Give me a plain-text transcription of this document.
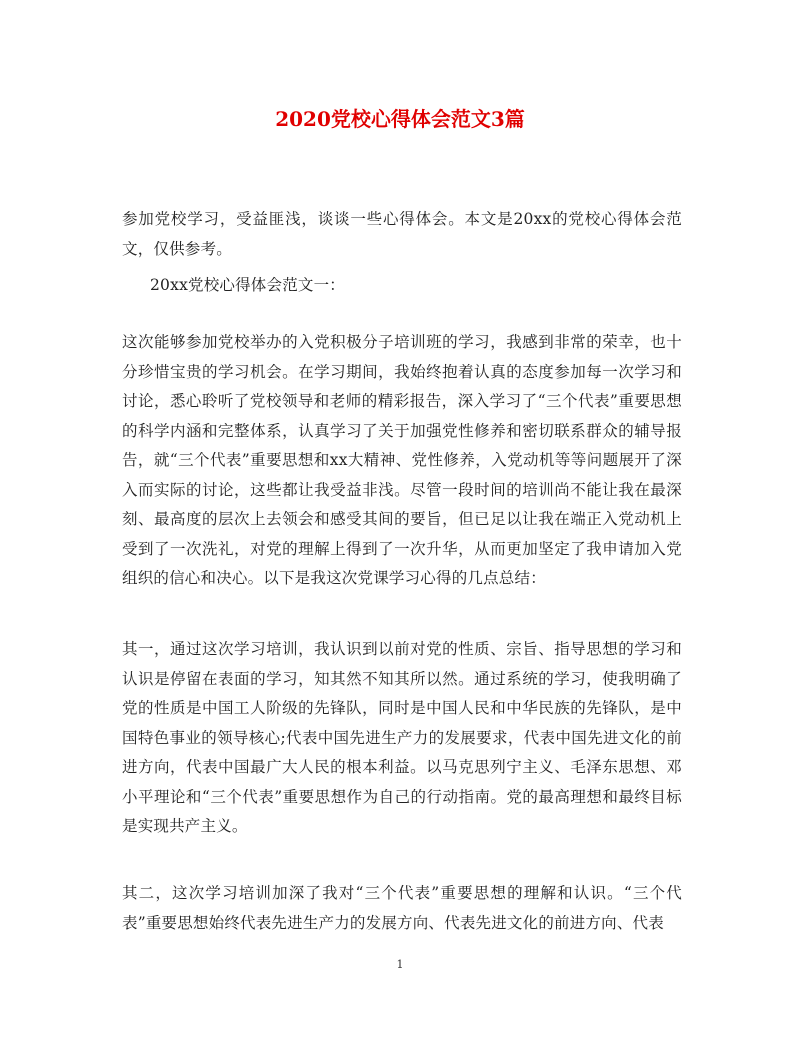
2020党校心得体会范文3篇

参加党校学习，受益匪浅，谈谈一些心得体会。本文是20xx的党校心得体会范文，仅供参考。

20xx党校心得体会范文一：

这次能够参加党校举办的入党积极分子培训班的学习，我感到非常的荣幸，也十分珍惜宝贵的学习机会。在学习期间，我始终抱着认真的态度参加每一次学习和讨论，悉心聆听了党校领导和老师的精彩报告，深入学习了“三个代表”重要思想的科学内涵和完整体系，认真学习了关于加强党性修养和密切联系群众的辅导报告，就“三个代表”重要思想和xx大精神、党性修养，入党动机等等问题展开了深入而实际的讨论，这些都让我受益非浅。尽管一段时间的培训尚不能让我在最深刻、最高度的层次上去领会和感受其间的要旨，但已足以让我在端正入党动机上受到了一次洗礼，对党的理解上得到了一次升华，从而更加坚定了我申请加入党组织的信心和决心。以下是我这次党课学习心得的几点总结：

其一，通过这次学习培训，我认识到以前对党的性质、宗旨、指导思想的学习和认识是停留在表面的学习，知其然不知其所以然。通过系统的学习，使我明确了党的性质是中国工人阶级的先锋队，同时是中国人民和中华民族的先锋队，是中国特色事业的领导核心;代表中国先进生产力的发展要求，代表中国先进文化的前进方向，代表中国最广大人民的根本利益。以马克思列宁主义、毛泽东思想、邓小平理论和“三个代表”重要思想作为自己的行动指南。党的最高理想和最终目标是实现共产主义。

其二，这次学习培训加深了我对“三个代表”重要思想的理解和认识。“三个代表”重要思想始终代表先进生产力的发展方向、代表先进文化的前进方向、代表

1
